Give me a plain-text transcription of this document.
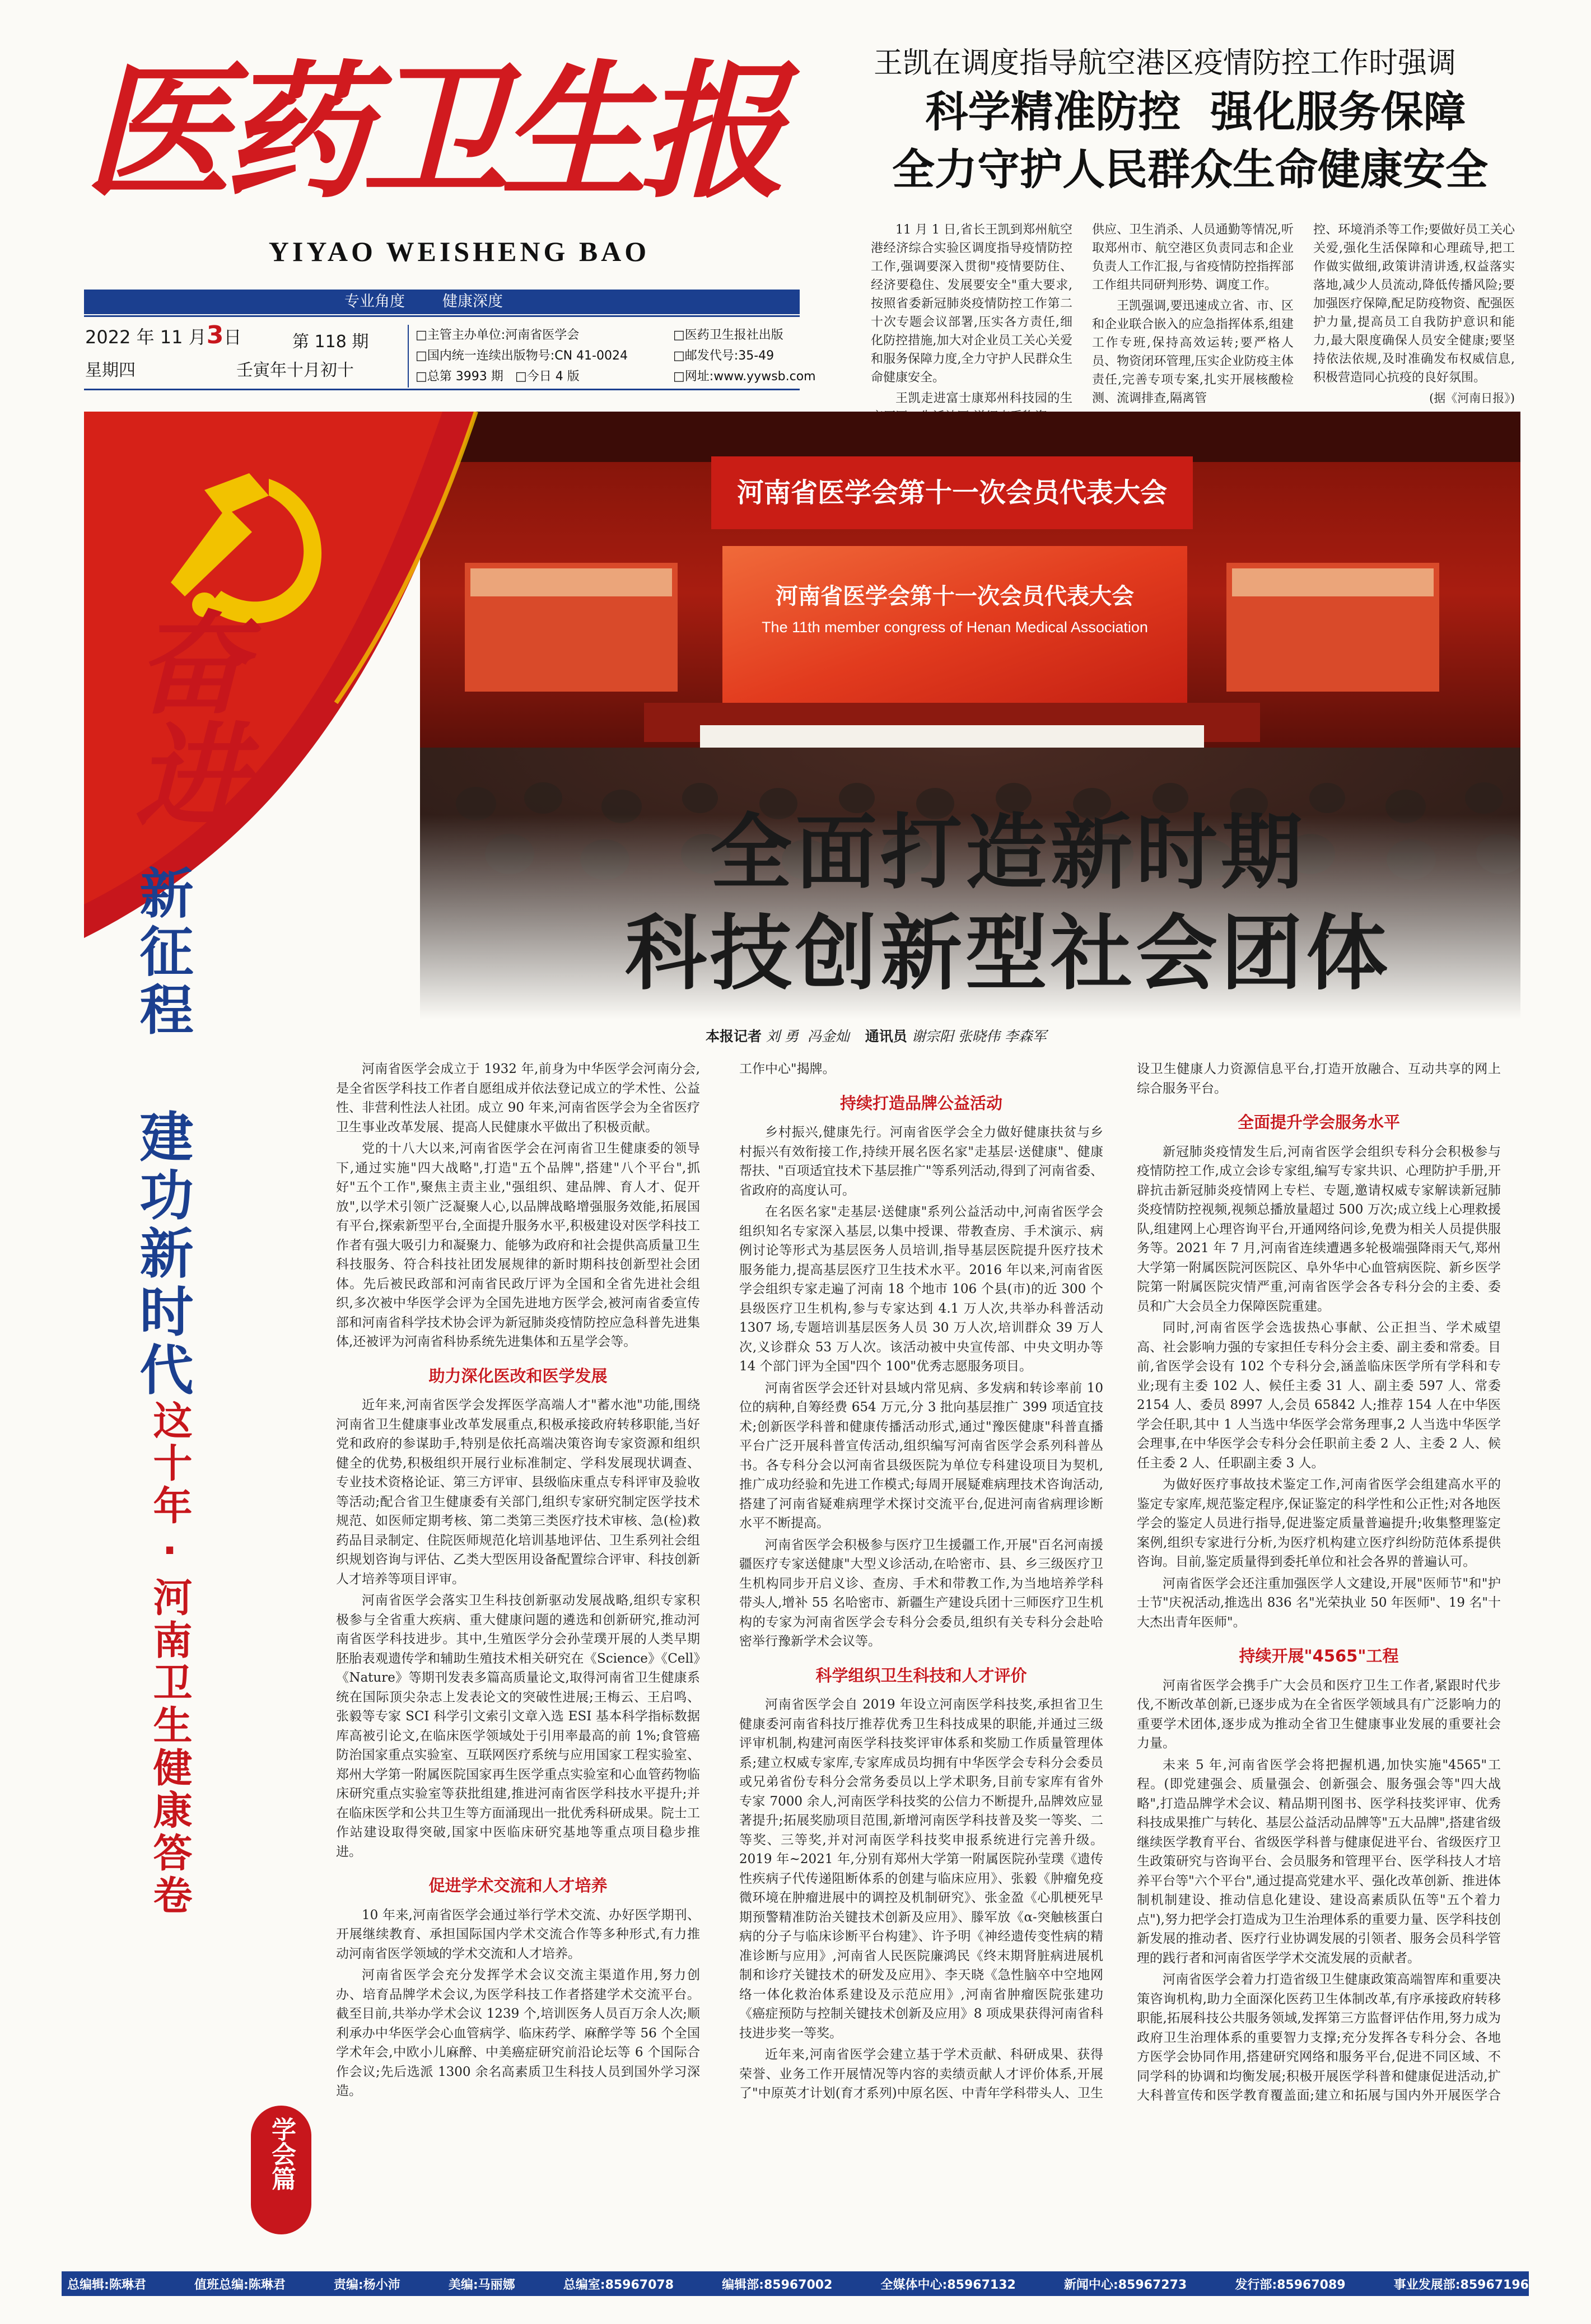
医药卫生报
YIYAO WEISHENG BAO
专业角度 健康深度
2022 年 11 月3日	第 118 期
星期四	壬寅年十月初十
□主管主办单位:河南省医学会	□医药卫生报社出版
□国内统一连续出版物号:CN 41-0024	□邮发代号:35-49
□总第 3993 期 □今日 4 版	□网址:www.yywsb.com
王凯在调度指导航空港区疫情防控工作时强调
科学精准防控  强化服务保障
全力守护人民群众生命健康安全

11 月 1 日,省长王凯到郑州航空港经济综合实验区调度指导疫情防控工作,强调要深入贯彻"疫情要防住、经济要稳住、发展要安全"重大要求,按照省委新冠肺炎疫情防控工作第二十次专题会议部署,压实各方责任,细化防控措施,加大对企业员工关心关爱和服务保障力度,全力守护人民群众生命健康安全。

王凯走进富士康郑州科技园的生

供应、卫生消杀、人员通勤等情况,听取郑州市、航空港区负责同志和企业负责人工作汇报,与省疫情防控指挥部工作组共同研判形势、调度工作。

王凯强调,要迅速成立省、市、区和企业联合嵌入的应急指挥体系,组建工作专班,保持高效运转;要严格人员、物资闭环管理,压实企业防疫主体责任,完善专项专案,扎实开展核酸检测、流调排查,隔离管

控、环境消杀等工作;要做好员工关心关爱,强化生活保障和心理疏导,把工作做实做细,政策讲清讲透,权益落实落地,减少人员流动,降低传播风险;要加强医疗保障,配足防疫物资、配强医护力量,提高员工自我防护意识和能力,最大限度确保人员安全健康;要坚持依法依规,及时准确发布权威信息,积极营造同心抗疫的良好氛围。

(据《河南日报》)

河南省医学会第十一次会员代表大会
河南省医学会第十一次会员代表大会
The 11th member congress of Henan Medical Association
全面打造新时期
科技创新型社会团体
奋进
新征程
建功新时代
这十年·河南卫生健康答卷
学会篇
本报记者 刘 勇  冯金灿 通讯员 谢宗阳 张晓伟 李森军

河南省医学会成立于 1932 年,前身为中华医学会河南分会,是全省医学科技工作者自愿组成并依法登记成立的学术性、公益性、非营利性法人社团。成立 90 年来,河南省医学会为全省医疗卫生事业改革发展、提高人民健康水平做出了积极贡献。

党的十八大以来,河南省医学会在河南省卫生健康委的领导下,通过实施"四大战略",打造"五个品牌",搭建"八个平台",抓好"五个工作",聚焦主责主业,"强组织、建品牌、育人才、促开放",以学术引领广泛凝聚人心,以品牌战略增强服务效能,拓展国有平台,探索新型平台,全面提升服务水平,积极建设对医学科技工作者有强大吸引力和凝聚力、能够为政府和社会提供高质量卫生科技服务、符合科技社团发展规律的新时期科技创新型社会团体。先后被民政部和河南省民政厅评为全国和全省先进社会组织,多次被中华医学会评为全国先进地方医学会,被河南省委宣传部和河南省科学技术协会评为新冠肺炎疫情防控应急科普先进集体,还被评为河南省科协系统先进集体和五星学会等。

助力深化医改和医学发展

近年来,河南省医学会发挥医学高端人才"蓄水池"功能,围绕河南省卫生健康事业改革发展重点,积极承接政府转移职能,当好党和政府的参谋助手,特别是依托高端决策咨询专家资源和组织健全的优势,积极组织开展行业标准制定、学科发展现状调查、专业技术资格论证、第三方评审、县级临床重点专科评审及验收等活动;配合省卫生健康委有关部门,组织专家研究制定医学技术规范、如医师定期考核、第二类第三类医疗技术审核、急(检)救药品目录制定、住院医师规范化培训基地评估、卫生系列社会组织规划咨询与评估、乙类大型医用设备配置综合评审、科技创新人才培养等项目评审。

河南省医学会落实卫生科技创新驱动发展战略,组织专家积极参与全省重大疾病、重大健康问题的遴选和创新研究,推动河南省医学科技进步。其中,生殖医学分会孙莹璞开展的人类早期胚胎表观遗传学和辅助生殖技术相关研究在《Science》《Cell》《Nature》等期刊发表多篇高质量论文,取得河南省卫生健康系统在国际顶尖杂志上发表论文的突破性进展;王梅云、王启鸣、张毅等专家 SCI 科学引文索引文章入选 ESI 基本科学指标数据库高被引论文,在临床医学领域处于引用率最高的前 1%;食管癌防治国家重点实验室、互联网医疗系统与应用国家工程实验室、郑州大学第一附属医院国家再生医学重点实验室和心血管药物临床研究重点实验室等获批组建,推进河南省医学科技水平提升;并在临床医学和公共卫生等方面涌现出一批优秀科研成果。院士工作站建设取得突破,国家中医临床研究基地等重点项目稳步推进。

促进学术交流和人才培养

10 年来,河南省医学会通过举行学术交流、办好医学期刊、开展继续教育、承担国际国内学术交流合作等多种形式,有力推动河南省医学领域的学术交流和人才培养。

河南省医学会充分发挥学术会议交流主渠道作用,努力创办、培育品牌学术会议,为医学科技工作者搭建学术交流平台。截至目前,共举办学术会议 1239 个,培训医务人员百万余人次;顺利承办中华医学会心血管病学、临床药学、麻醉学等 56 个全国学术年会,中欧小儿麻醉、中美癌症研究前沿论坛等 6 个国际合作会议;先后选派 1300 余名高素质卫生科技人员到国外学习深造。

工作中心"揭牌。

持续打造品牌公益活动

乡村振兴,健康先行。河南省医学会全力做好健康扶贫与乡村振兴有效衔接工作,持续开展名医名家"走基层·送健康"、健康帮扶、"百项适宜技术下基层推广"等系列活动,得到了河南省委、省政府的高度认可。

在名医名家"走基层·送健康"系列公益活动中,河南省医学会组织知名专家深入基层,以集中授课、带教查房、手术演示、病例讨论等形式为基层医务人员培训,指导基层医院提升医疗技术服务能力,提高基层医疗卫生技术水平。2016 年以来,河南省医学会组织专家走遍了河南 18 个地市 106 个县(市)的近 300 个县级医疗卫生机构,参与专家达到 4.1 万人次,共举办科普活动 1307 场,专题培训基层医务人员 30 万人次,培训群众 39 万人次,义诊群众 53 万人次。该活动被中央宣传部、中央文明办等 14 个部门评为全国"四个 100"优秀志愿服务项目。

河南省医学会还针对县域内常见病、多发病和转诊率前 10 位的病种,自筹经费 654 万元,分 3 批向基层推广 399 项适宜技术;创新医学科普和健康传播活动形式,通过"豫医健康"科普直播平台广泛开展科普宣传活动,组织编写河南省医学会系列科普丛书。各专科分会以河南省县级医院为单位专科建设项目为契机,推广成功经验和先进工作模式;每周开展疑难病理技术咨询活动,搭建了河南省疑难病理学术探讨交流平台,促进河南省病理诊断水平不断提高。

河南省医学会积极参与医疗卫生援疆工作,开展"百名河南援疆医疗专家送健康"大型义诊活动,在哈密市、县、乡三级医疗卫生机构同步开启义诊、查房、手术和带教工作,为当地培养学科带头人,增补 55 名哈密市、新疆生产建设兵团十三师医疗卫生机构的专家为河南省医学会专科分会委员,组织有关专科分会赴哈密举行豫新学术会议等。

科学组织卫生科技和人才评价

河南省医学会自 2019 年设立河南医学科技奖,承担省卫生健康委河南省科技厅推荐优秀卫生科技成果的职能,并通过三级评审机制,构建河南医学科技奖评审体系和奖励工作质量管理体系;建立权威专家库,专家库成员均拥有中华医学会专科分会委员或兄弟省份专科分会常务委员以上学术职务,目前专家库有省外专家 7000 余人,河南医学科技奖的公信力不断提升,品牌效应显著提升;拓展奖励项目范围,新增河南医学科技普及奖一等奖、二等奖、三等奖,并对河南医学科技奖申报系统进行完善升级。2019 年~2021 年,分别有郑州大学第一附属医院孙莹璞《遗传性疾病子代传递阻断体系的创建与临床应用》、张毅《肿瘤免疫微环境在肿瘤进展中的调控及机制研究》、张金盈《心肌梗死早期预警精准防治关键技术创新及应用》、滕军放《α-突触核蛋白病的分子与临床诊断平台构建》、许予明《神经遗传变性病的精准诊断与应用》,河南省人民医院廉鸿民《终末期肾脏病进展机制和诊疗关键技术的研发及应用》、李天晓《急性脑卒中空地网络一体化救治体系建设及示范应用》,河南省肿瘤医院张建功《癌症预防与控制关键技术创新及应用》8 项成果获得河南省科技进步奖一等奖。

近年来,河南省医学会建立基于学术贡献、科研成果、获得荣誉、业务工作开展情况等内容的卖绩贡献人才评价体系,开展了"中原英才计划(育才系列)中原名医、中青年学科带头人、卫生

设卫生健康人力资源信息平台,打造开放融合、互动共享的网上综合服务平台。

全面提升学会服务水平

新冠肺炎疫情发生后,河南省医学会组织专科分会积极参与疫情防控工作,成立会诊专家组,编写专家共识、心理防护手册,开辟抗击新冠肺炎疫情网上专栏、专题,邀请权威专家解读新冠肺炎疫情防控视频,视频总播放量超过 500 万次;成立线上心理救援队,组建网上心理咨询平台,开通网络问诊,免费为相关人员提供服务等。2021 年 7 月,河南省连续遭遇多轮极端强降雨天气,郑州大学第一附属医院河医院区、阜外华中心血管病医院、新乡医学院第一附属医院灾情严重,河南省医学会各专科分会的主委、委员和广大会员全力保障医院重建。

同时,河南省医学会选拔热心事献、公正担当、学术威望高、社会影响力强的专家担任专科分会主委、副主委和常委。目前,省医学会设有 102 个专科分会,涵盖临床医学所有学科和专业;现有主委 102 人、候任主委 31 人、副主委 597 人、常委 2154 人、委员 8997 人,会员 65842 人;推荐 154 人在中华医学会任职,其中 1 人当选中华医学会常务理事,2 人当选中华医学会理事,在中华医学会专科分会任职前主委 2 人、主委 2 人、候任主委 2 人、任职副主委 3 人。

为做好医疗事故技术鉴定工作,河南省医学会组建高水平的鉴定专家库,规范鉴定程序,保证鉴定的科学性和公正性;对各地医学会的鉴定人员进行指导,促进鉴定质量普遍提升;收集整理鉴定案例,组织专家进行分析,为医疗机构建立医疗纠纷防范体系提供咨询。目前,鉴定质量得到委托单位和社会各界的普遍认可。

河南省医学会还注重加强医学人文建设,开展"医师节"和"护士节"庆祝活动,推选出 836 名"光荣执业 50 年医师"、19 名"十大杰出青年医师"。

持续开展"4565"工程

河南省医学会携手广大会员和医疗卫生工作者,紧跟时代步伐,不断改革创新,已逐步成为在全省医学领域具有广泛影响力的重要学术团体,逐步成为推动全省卫生健康事业发展的重要社会力量。

未来 5 年,河南省医学会将把握机遇,加快实施"4565"工程。(即党建强会、质量强会、创新强会、服务强会等"四大战略",打造品牌学术会议、精品期刊图书、医学科技奖评审、优秀科技成果推广与转化、基层公益活动品牌等"五大品牌",搭建省级继续医学教育平台、省级医学科普与健康促进平台、省级医疗卫生政策研究与咨询平台、会员服务和管理平台、医学科技人才培养平台等"六个平台",通过提高党建水平、强化改革创新、推进体制机制建设、推动信息化建设、建设高素质队伍等"五个着力点"),努力把学会打造成为卫生治理体系的重要力量、医学科技创新发展的推动者、医疗行业协调发展的引领者、服务会员科学管理的践行者和河南省医学学术交流发展的贡献者。

河南省医学会着力打造省级卫生健康政策高端智库和重要决策咨询机构,助力全面深化医药卫生体制改革,有序承接政府转移职能,拓展科技公共服务领域,发挥第三方监督评估作用,努力成为政府卫生治理体系的重要智力支撑;充分发挥各专科分会、各地方医学会协同作用,搭建研究网络和服务平台,促进不同区域、不同学科的协调和均衡发展;积极开展医学科普和健康促进活动,扩大科普宣传和医学教育覆盖面;建立和拓展与国内外开展医学合

总编辑:陈琳君	值班总编:陈琳君	责编:杨小沛	美编:马丽娜	总编室:85967078	编辑部:85967002	全媒体中心:85967132	新闻中心:85967273	发行部:85967089	事业发展部:85967196
